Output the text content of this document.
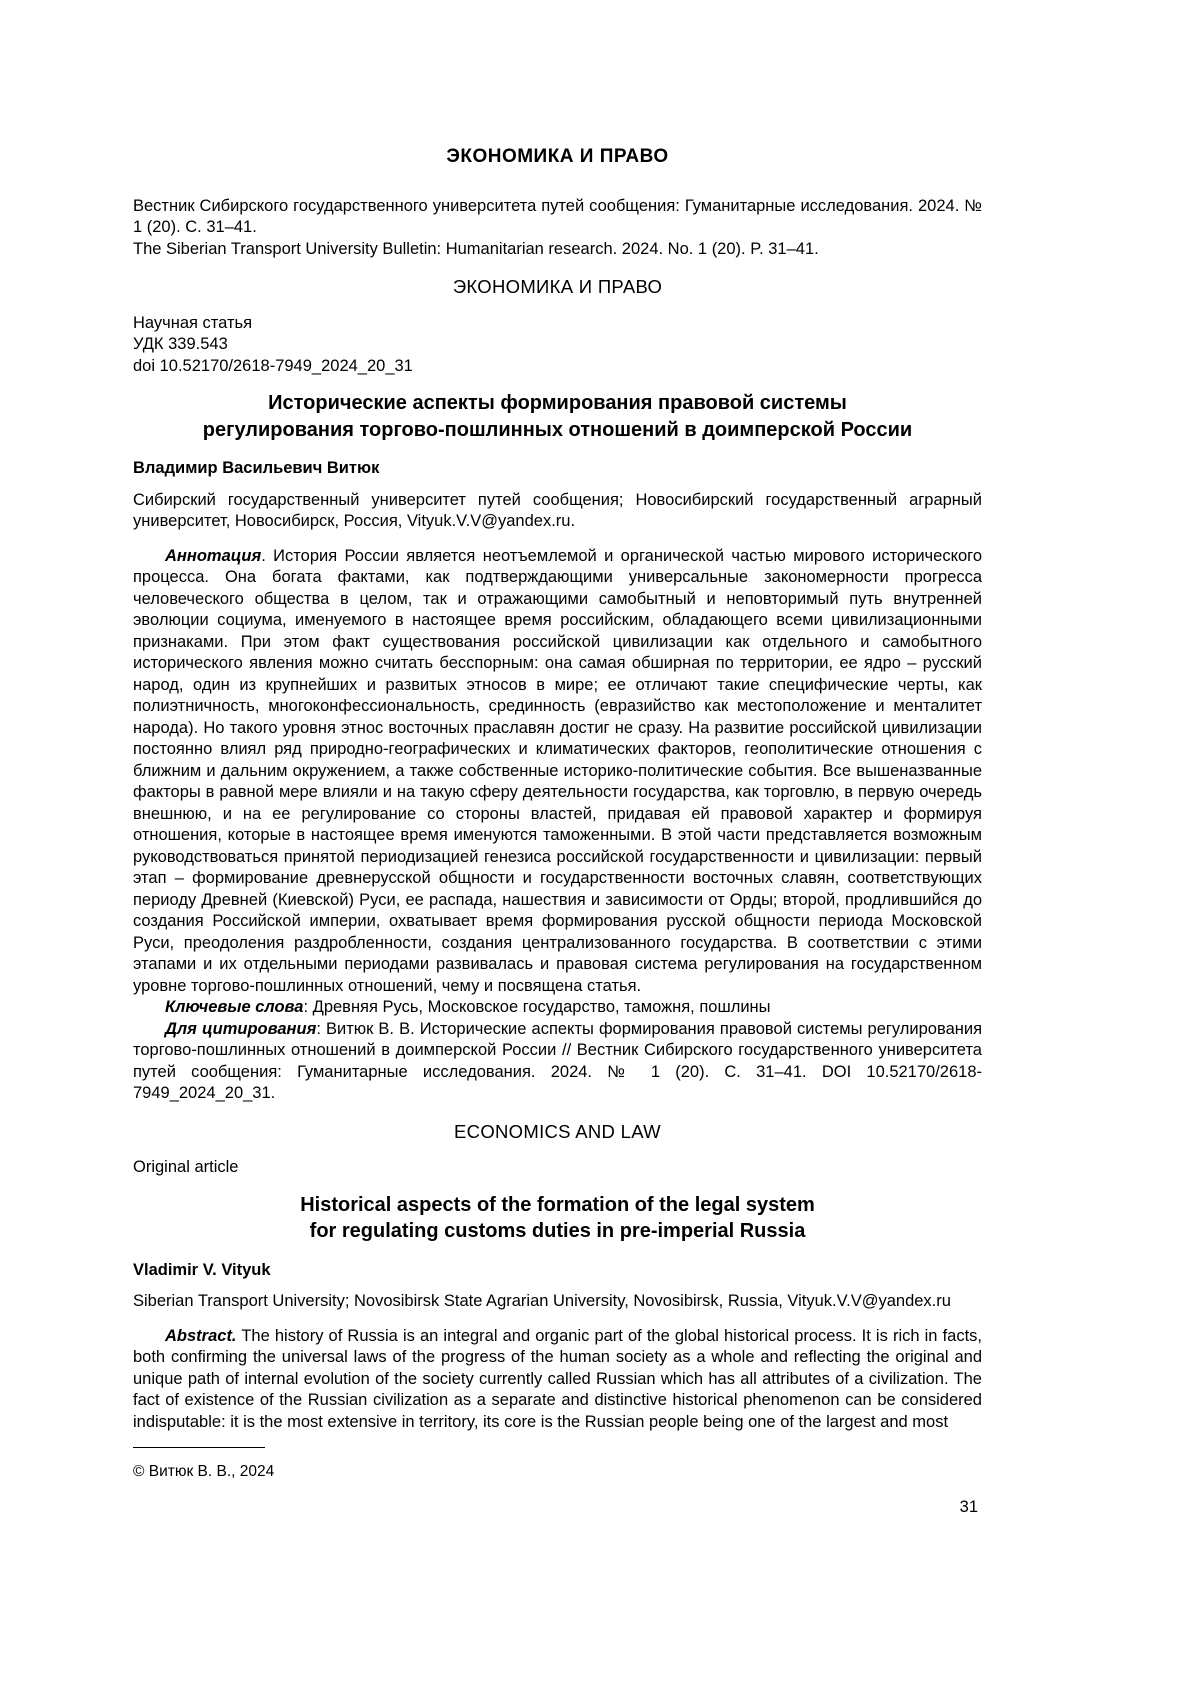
ЭКОНОМИКА И ПРАВО

Вестник Сибирского государственного университета путей сообщения: Гуманитарные исследования. 2024. № 1 (20). С. 31–41.

The Siberian Transport University Bulletin: Humanitarian research. 2024. No. 1 (20). P. 31–41.

ЭКОНОМИКА И ПРАВО

Научная статья

УДК 339.543

doi 10.52170/2618-7949_2024_20_31

Исторические аспекты формирования правовой системы
регулирования торгово-пошлинных отношений в доимперской России

Владимир Васильевич Витюк

Сибирский государственный университет путей сообщения; Новосибирский государственный аграрный университет, Новосибирск, Россия, Vityuk.V.V@yandex.ru.

Аннотация. История России является неотъемлемой и органической частью мирового исторического процесса. Она богата фактами, как подтверждающими универсальные закономерности прогресса человеческого общества в целом, так и отражающими самобытный и неповторимый путь внутренней эволюции социума, именуемого в настоящее время российским, обладающего всеми цивилизационными признаками. При этом факт существования российской цивилизации как отдельного и самобытного исторического явления можно считать бесспорным: она самая обширная по территории, ее ядро – русский народ, один из крупнейших и развитых этносов в мире; ее отличают такие специфические черты, как полиэтничность, многоконфессиональность, срединность (евразийство как местоположение и менталитет народа). Но такого уровня этнос восточных праславян достиг не сразу. На развитие российской цивилизации постоянно влиял ряд природно-географических и климатических факторов, геополитические отношения с ближним и дальним окружением, а также собственные историко-политические события. Все вышеназванные факторы в равной мере влияли и на такую сферу деятельности государства, как торговлю, в первую очередь внешнюю, и на ее регулирование со стороны властей, придавая ей правовой характер и формируя отношения, которые в настоящее время именуются таможенными. В этой части представляется возможным руководствоваться принятой периодизацией генезиса российской государственности и цивилизации: первый этап – формирование древнерусской общности и государственности восточных славян, соответствующих периоду Древней (Киевской) Руси, ее распада, нашествия и зависимости от Орды; второй, продлившийся до создания Российской империи, охватывает время формирования русской общности периода Московской Руси, преодоления раздробленности, создания централизованного государства. В соответствии с этими этапами и их отдельными периодами развивалась и правовая система регулирования на государственном уровне торгово-пошлинных отношений, чему и посвящена статья.

Ключевые слова: Древняя Русь, Московское государство, таможня, пошлины

Для цитирования: Витюк В. В. Исторические аспекты формирования правовой системы регулирования торгово-пошлинных отношений в доимперской России // Вестник Сибирского государственного университета путей сообщения: Гуманитарные исследования. 2024. № 1 (20). С. 31–41. DOI 10.52170/2618-7949_2024_20_31.

ECONOMICS AND LAW

Original article

Historical aspects of the formation of the legal system
for regulating customs duties in pre-imperial Russia

Vladimir V. Vityuk

Siberian Transport University; Novosibirsk State Agrarian University, Novosibirsk, Russia, Vityuk.V.V@yandex.ru

Abstract. The history of Russia is an integral and organic part of the global historical process. It is rich in facts, both confirming the universal laws of the progress of the human society as a whole and reflecting the original and unique path of internal evolution of the society currently called Russian which has all attributes of a civilization. The fact of existence of the Russian civilization as a separate and distinctive historical phenomenon can be considered indisputable: it is the most extensive in territory, its core is the Russian people being one of the largest and most

© Витюк В. В., 2024
31
